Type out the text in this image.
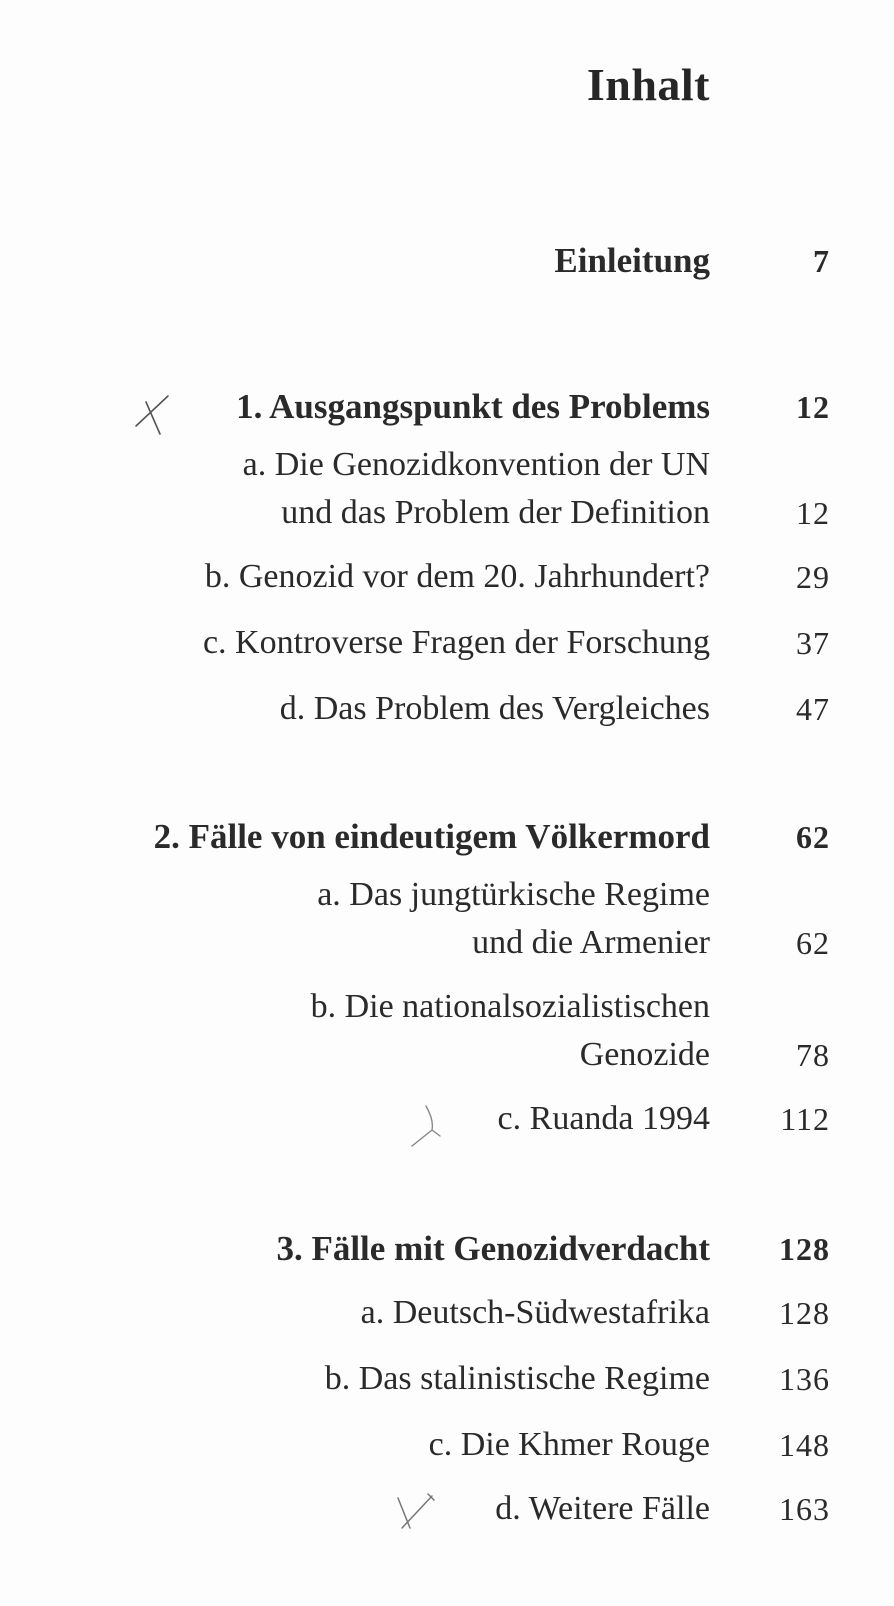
Inhalt
Einleitung	7
1. Ausgangspunkt des Problems	12
a. Die Genozidkonvention der UN
und das Problem der Definition	12
b. Genozid vor dem 20. Jahrhundert?	29
c. Kontroverse Fragen der Forschung	37
d. Das Problem des Vergleiches	47
2. Fälle von eindeutigem Völkermord	62
a. Das jungtürkische Regime
und die Armenier	62
b. Die nationalsozialistischen
Genozide	78
c. Ruanda 1994 112
3. Fälle mit Genozidverdacht 128
a. Deutsch-Südwestafrika 128
b. Das stalinistische Regime 136
c. Die Khmer Rouge 148
d. Weitere Fälle 163
